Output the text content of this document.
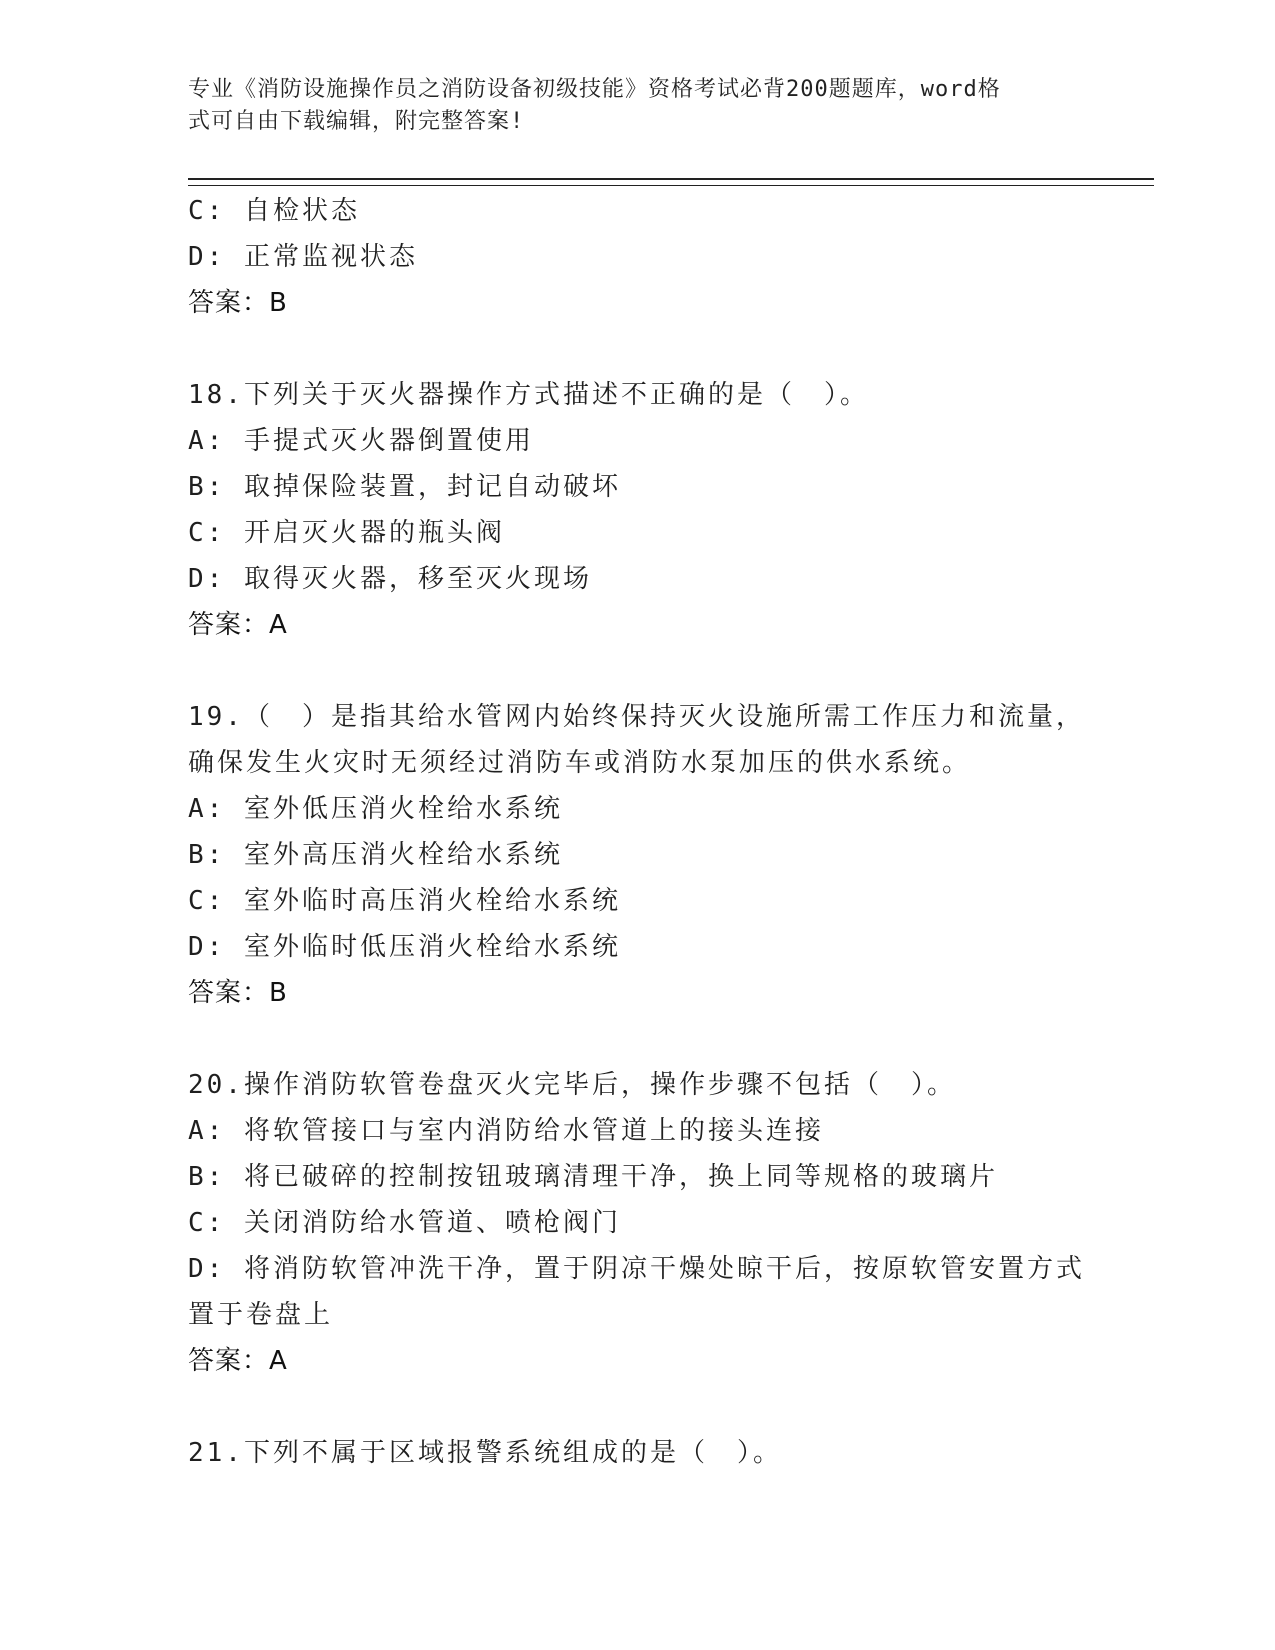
专业《消防设施操作员之消防设备初级技能》资格考试必背200题题库，word格
式可自由下载编辑，附完整答案!
C: 自检状态
D: 正常监视状态
答案：B
18.下列关于灭火器操作方式描述不正确的是（　）。
A: 手提式灭火器倒置使用
B: 取掉保险装置，封记自动破坏
C: 开启灭火器的瓶头阀
D: 取得灭火器，移至灭火现场
答案：A
19.（　）是指其给水管网内始终保持灭火设施所需工作压力和流量，
确保发生火灾时无须经过消防车或消防水泵加压的供水系统。
A: 室外低压消火栓给水系统
B: 室外高压消火栓给水系统
C: 室外临时高压消火栓给水系统
D: 室外临时低压消火栓给水系统
答案：B
20.操作消防软管卷盘灭火完毕后，操作步骤不包括（　）。
A: 将软管接口与室内消防给水管道上的接头连接
B: 将已破碎的控制按钮玻璃清理干净，换上同等规格的玻璃片
C: 关闭消防给水管道、喷枪阀门
D: 将消防软管冲洗干净，置于阴凉干燥处晾干后，按原软管安置方式
置于卷盘上
答案：A
21.下列不属于区域报警系统组成的是（　）。
